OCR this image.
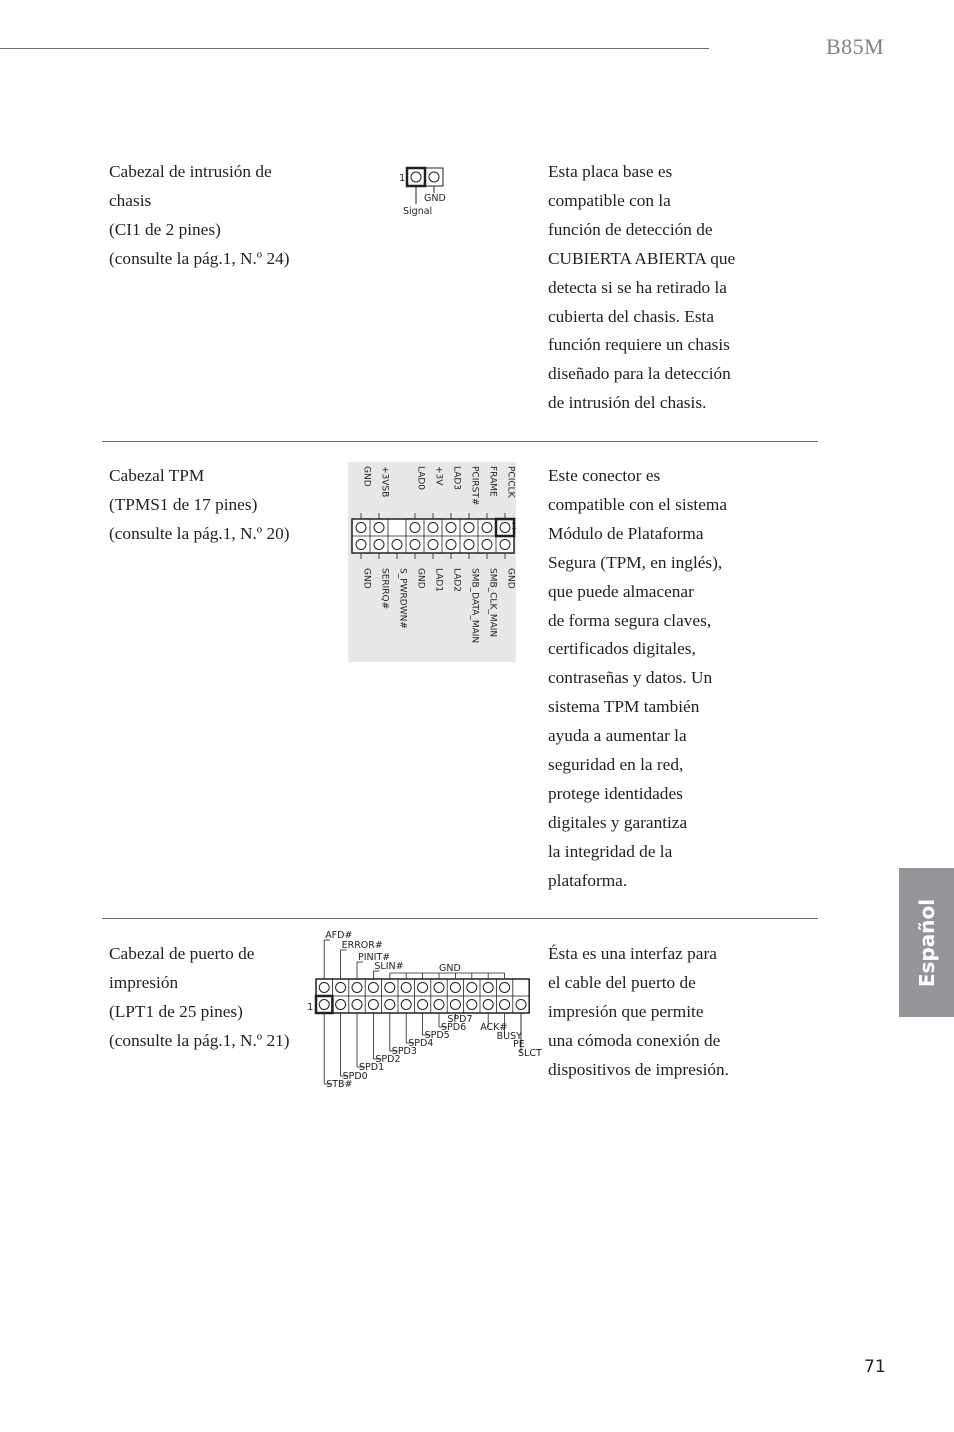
B85M
Cabezal de intrusión de
chasis
(CI1 de 2 pines)
(consulte la pág.1, N.º 24)
1
GND
Signal
Esta placa base es
compatible con la
función de detección de
CUBIERTA ABIERTA que
detecta si se ha retirado la
cubierta del chasis. Esta
función requiere un chasis
diseñado para la detección
de intrusión del chasis.
Cabezal TPM
(TPMS1 de 17 pines)
(consulte la pág.1, N.º 20)
GND +3VSB	LAD0 +3V LAD3 PCIRST# FRAME PCICLK
GND SERIRQ# S_PWRDWN# GND LAD1 LAD2 SMB_DATA_MAIN SMB_CLK_MAIN GND
1
Este conector es
compatible con el sistema
Módulo de Plataforma
Segura (TPM, en inglés),
que puede almacenar
de forma segura claves,
certificados digitales,
contraseñas y datos. Un
sistema TPM también
ayuda a aumentar la
seguridad en la red,
protege identidades
digitales y garantiza
la integridad de la
plataforma.
Cabezal de puerto de
impresión
(LPT1 de 25 pines)
(consulte la pág.1, N.º 21)
AFD#
ERROR#
PINIT#
SLIN#	GND
SPD7
ACK#
BUSY
PE
SLCT
SPD6
SPD5
SPD4
SPD3
SPD2
SPD1
SPD0
STB#
1
Ésta es una interfaz para
el cable del puerto de
impresión que permite
una cómoda conexión de
dispositivos de impresión.
Español
71
